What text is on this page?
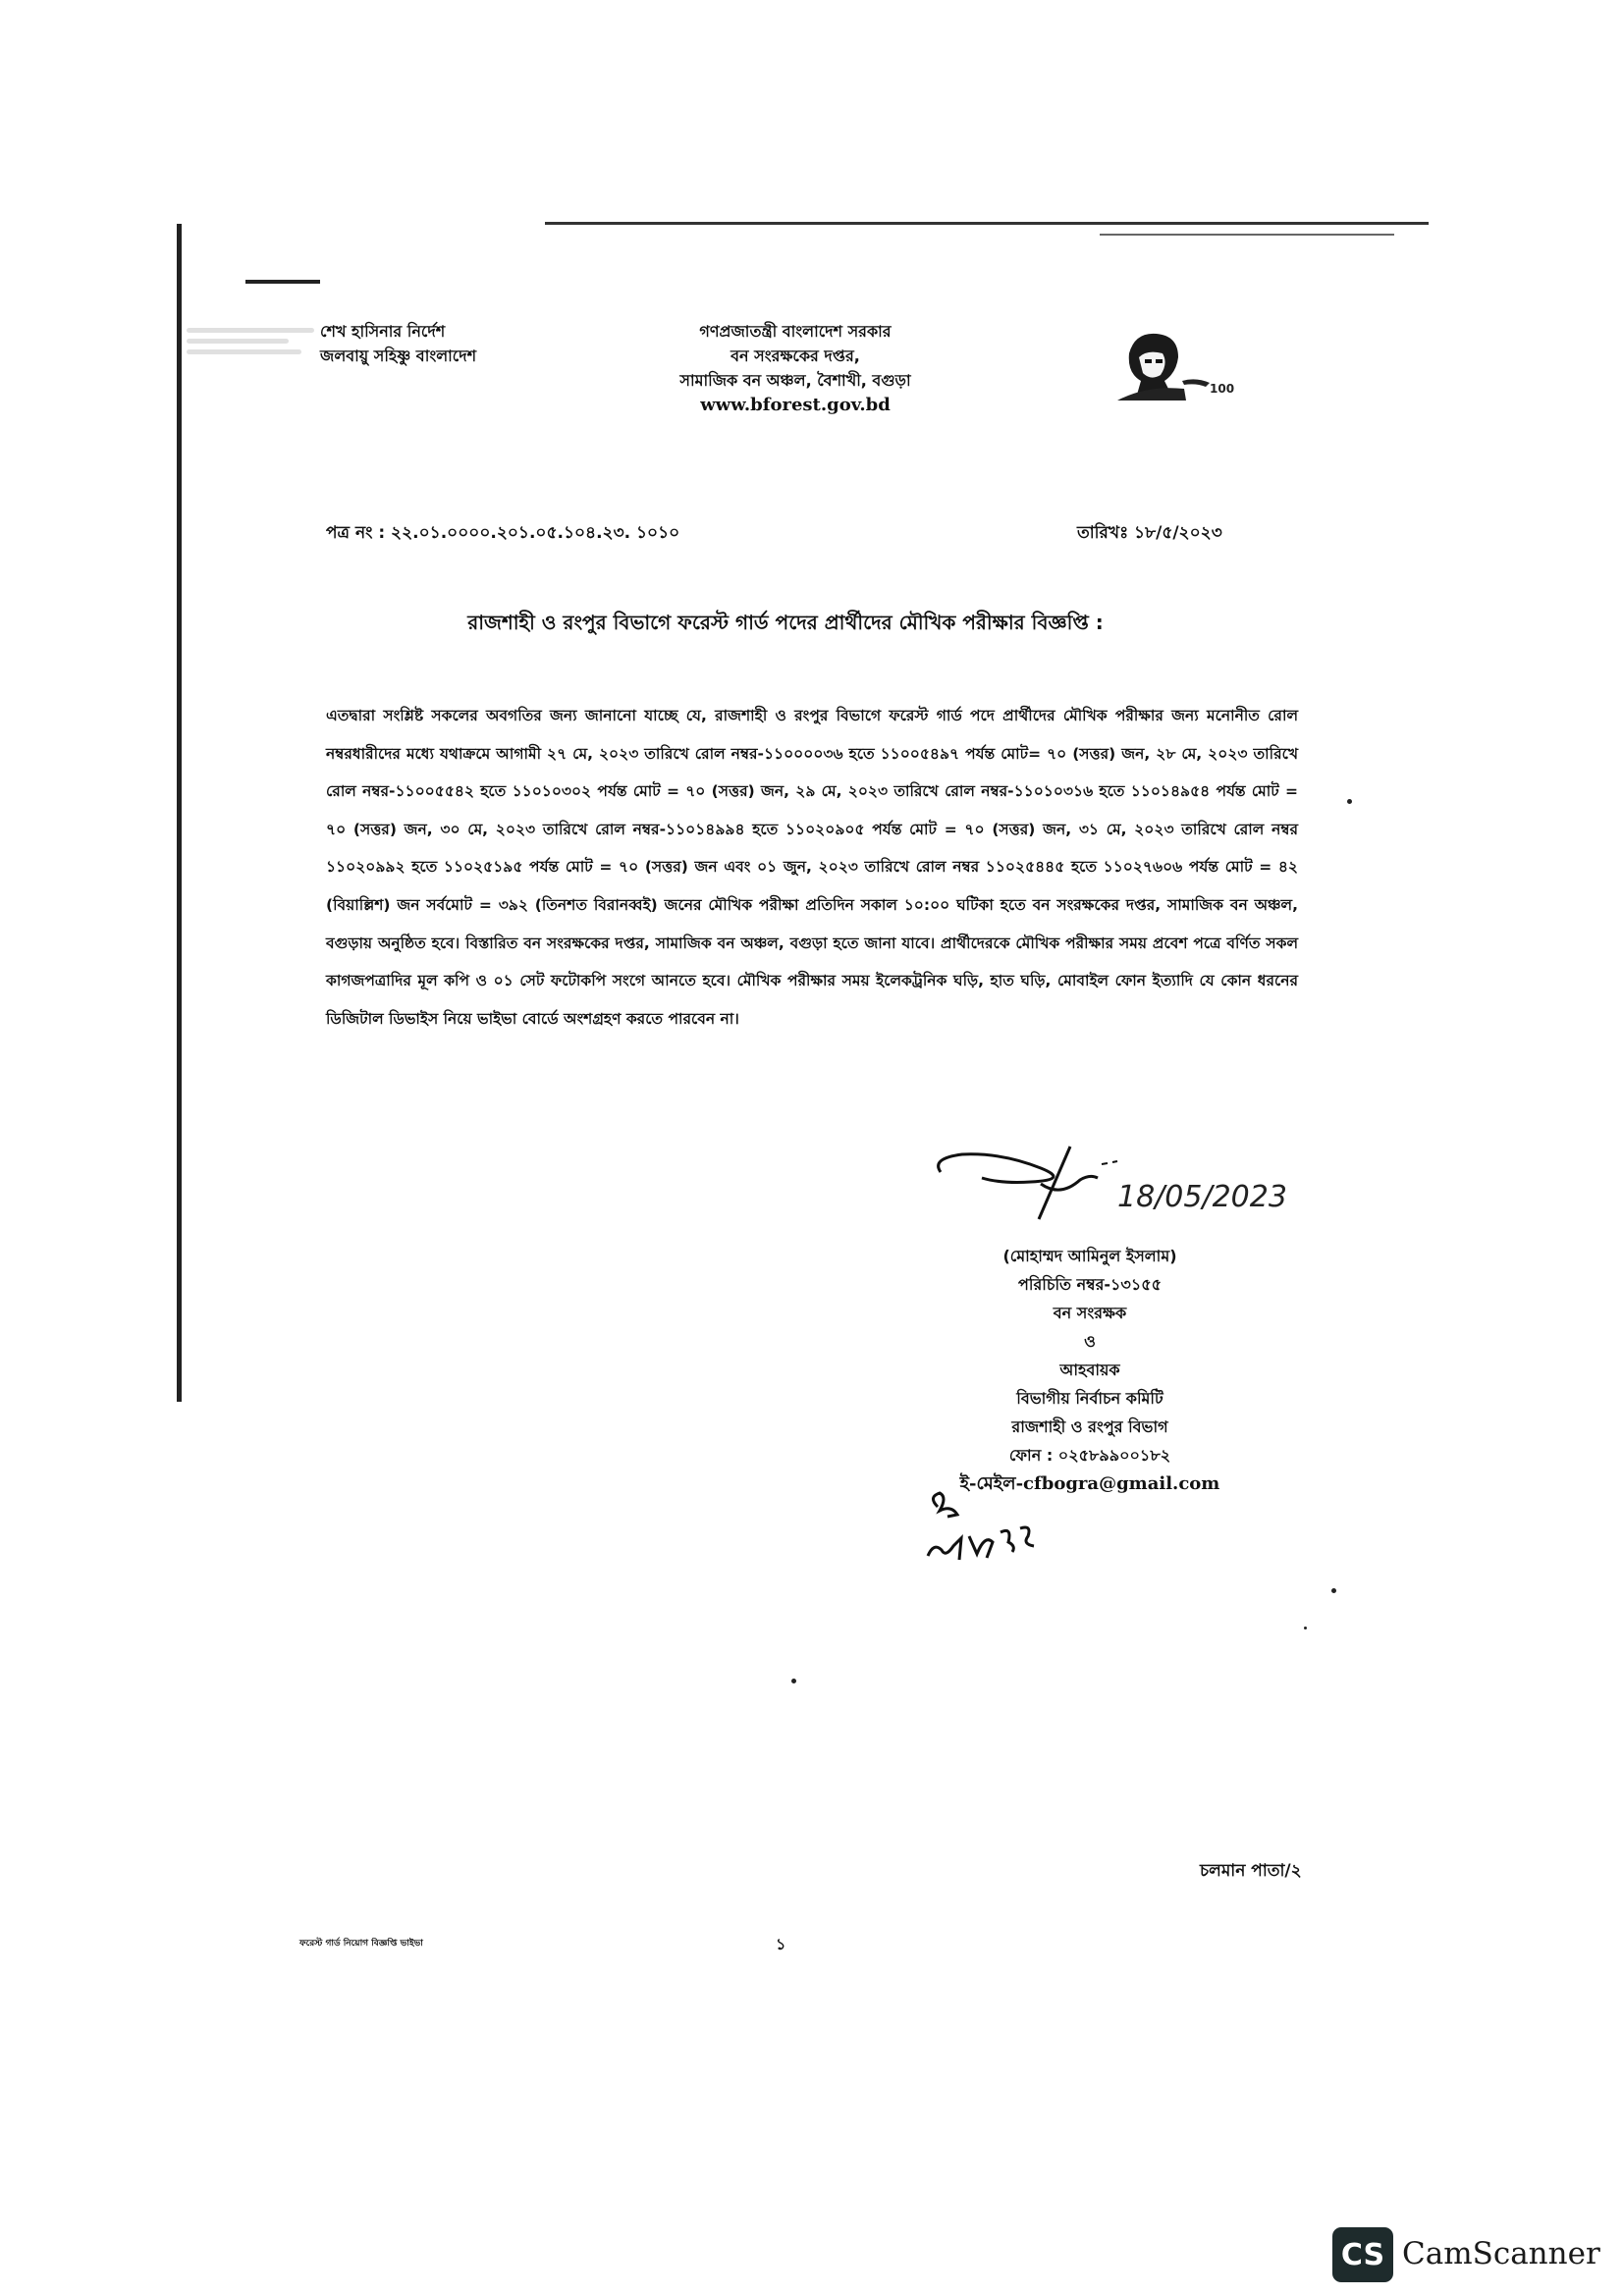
শেখ হাসিনার নির্দেশ
জলবায়ু সহিষ্ণু বাংলাদেশ
গণপ্রজাতন্ত্রী বাংলাদেশ সরকার
বন সংরক্ষকের দপ্তর,
সামাজিক বন অঞ্চল, বৈশাখী, বগুড়া
www.bforest.gov.bd
100
পত্র নং : ২২.০১.০০০০.২০১.০৫.১০৪.২৩. ১০১০	তারিখঃ ১৮/৫/২০২৩
রাজশাহী ও রংপুর বিভাগে ফরেস্ট গার্ড পদের প্রার্থীদের মৌখিক পরীক্ষার বিজ্ঞপ্তি :
এতদ্বারা সংশ্লিষ্ট সকলের অবগতির জন্য জানানো যাচ্ছে যে, রাজশাহী ও রংপুর বিভাগে ফরেস্ট গার্ড পদে প্রার্থীদের মৌখিক পরীক্ষার জন্য মনোনীত রোল নম্বরধারীদের মধ্যে যথাক্রমে আগামী ২৭ মে, ২০২৩ তারিখে রোল নম্বর-১১০০০০৩৬ হতে ১১০০৫৪৯৭ পর্যন্ত মোট= ৭০ (সত্তর) জন, ২৮ মে, ২০২৩ তারিখে রোল নম্বর-১১০০৫৫৪২ হতে ১১০১০৩০২ পর্যন্ত মোট = ৭০ (সত্তর) জন, ২৯ মে, ২০২৩ তারিখে রোল নম্বর-১১০১০৩১৬ হতে ১১০১৪৯৫৪ পর্যন্ত মোট = ৭০ (সত্তর) জন, ৩০ মে, ২০২৩ তারিখে রোল নম্বর-১১০১৪৯৯৪ হতে ১১০২০৯০৫ পর্যন্ত মোট = ৭০ (সত্তর) জন, ৩১ মে, ২০২৩ তারিখে রোল নম্বর ১১০২০৯৯২ হতে ১১০২৫১৯৫ পর্যন্ত মোট = ৭০ (সত্তর) জন এবং ০১ জুন, ২০২৩ তারিখে রোল নম্বর ১১০২৫৪৪৫ হতে ১১০২৭৬০৬ পর্যন্ত মোট = ৪২ (বিয়াল্লিশ) জন সর্বমোট = ৩৯২ (তিনশত বিরানব্বই) জনের মৌখিক পরীক্ষা প্রতিদিন সকাল ১০:০০ ঘটিকা হতে বন সংরক্ষকের দপ্তর, সামাজিক বন অঞ্চল, বগুড়ায় অনুষ্ঠিত হবে। বিস্তারিত বন সংরক্ষকের দপ্তর, সামাজিক বন অঞ্চল, বগুড়া হতে জানা যাবে। প্রার্থীদেরকে মৌখিক পরীক্ষার সময় প্রবেশ পত্রে বর্ণিত সকল কাগজপত্রাদির মূল কপি ও ০১ সেট ফটোকপি সংগে আনতে হবে। মৌখিক পরীক্ষার সময় ইলেকট্রনিক ঘড়ি, হাত ঘড়ি, মোবাইল ফোন ইত্যাদি যে কোন ধরনের ডিজিটাল ডিভাইস নিয়ে ভাইভা বোর্ডে অংশগ্রহণ করতে পারবেন না।
18/05/2023
(মোহাম্মদ আমিনুল ইসলাম)
পরিচিতি নম্বর-১৩১৫৫
বন সংরক্ষক
ও
আহবায়ক
বিভাগীয় নির্বাচন কমিটি
রাজশাহী ও রংপুর বিভাগ
ফোন : ০২৫৮৯৯০০১৮২
ই-মেইল-cfbogra@gmail.com
চলমান পাতা/২
ফরেস্ট গার্ড নিয়োগ বিজ্ঞপ্তি ভাইভা	১
CS CamScanner
